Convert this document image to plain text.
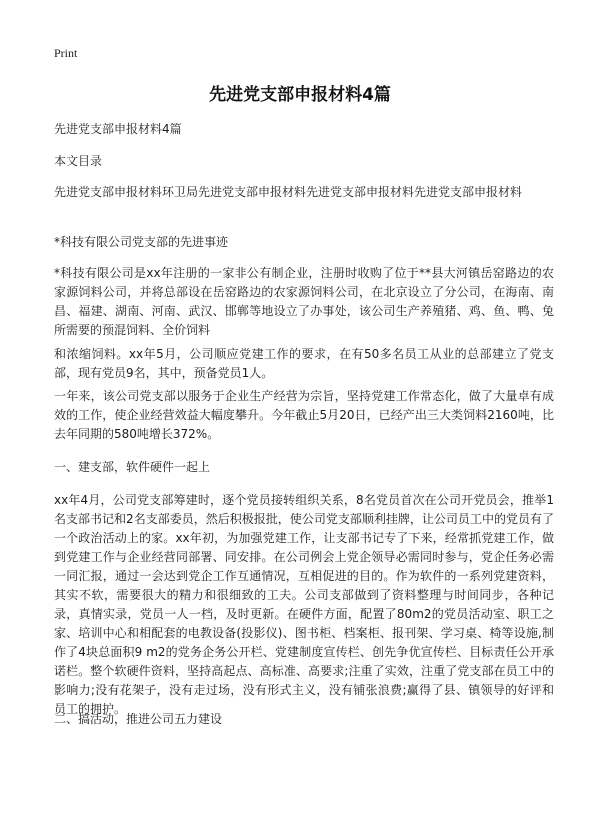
Print
先进党支部申报材料4篇
先进党支部申报材料4篇
本文目录
先进党支部申报材料环卫局先进党支部申报材料先进党支部申报材料先进党支部申报材料
*科技有限公司党支部的先进事迹
*科技有限公司是xx年注册的一家非公有制企业，注册时收购了位于**县大河镇岳窑路边的农家源饲料公司，并将总部设在岳窑路边的农家源饲料公司，在北京设立了分公司，在海南、南昌、福建、湖南、河南、武汉、邯郸等地设立了办事处，该公司生产养殖猪、鸡、鱼、鸭、兔所需要的预混饲料、全价饲料
和浓缩饲料。xx年5月，公司顺应党建工作的要求，在有50多名员工从业的总部建立了党支部，现有党员9名，其中，预备党员1人。
一年来，该公司党支部以服务于企业生产经营为宗旨，坚持党建工作常态化，做了大量卓有成效的工作，使企业经营效益大幅度攀升。今年截止5月20日，已经产出三大类饲料2160吨，比去年同期的580吨增长372%。
一、建支部，软件硬件一起上
xx年4月，公司党支部筹建时，逐个党员接转组织关系，8名党员首次在公司开党员会，推举1名支部书记和2名支部委员，然后积极报批，使公司党支部顺利挂牌，让公司员工中的党员有了一个政治活动上的家。xx年初，为加强党建工作，让支部书记专了下来，经常抓党建工作，做到党建工作与企业经营同部署、同安排。在公司例会上党企领导必需同时参与，党企任务必需一同汇报，通过一会达到党企工作互通情况，互相促进的目的。作为软件的一系列党建资料，其实不软，需要很大的精力和很细致的工夫。公司支部做到了资料整理与时间同步，各种记录，真情实录，党员一人一档，及时更新。在硬件方面，配置了80m2的党员活动室、职工之家、培训中心和相配套的电教设备(投影仪)、图书柜、档案柜、报刊架、学习桌、椅等设施,制作了4块总面积9 m2的党务企务公开栏、党建制度宣传栏、创先争优宣传栏、目标责任公开承诺栏。整个软硬件资料，坚持高起点、高标准、高要求;注重了实效，注重了党支部在员工中的影响力;没有花架子，没有走过场，没有形式主义，没有铺张浪费;赢得了县、镇领导的好评和员工的拥护。
二、搞活动，推进公司五力建设
